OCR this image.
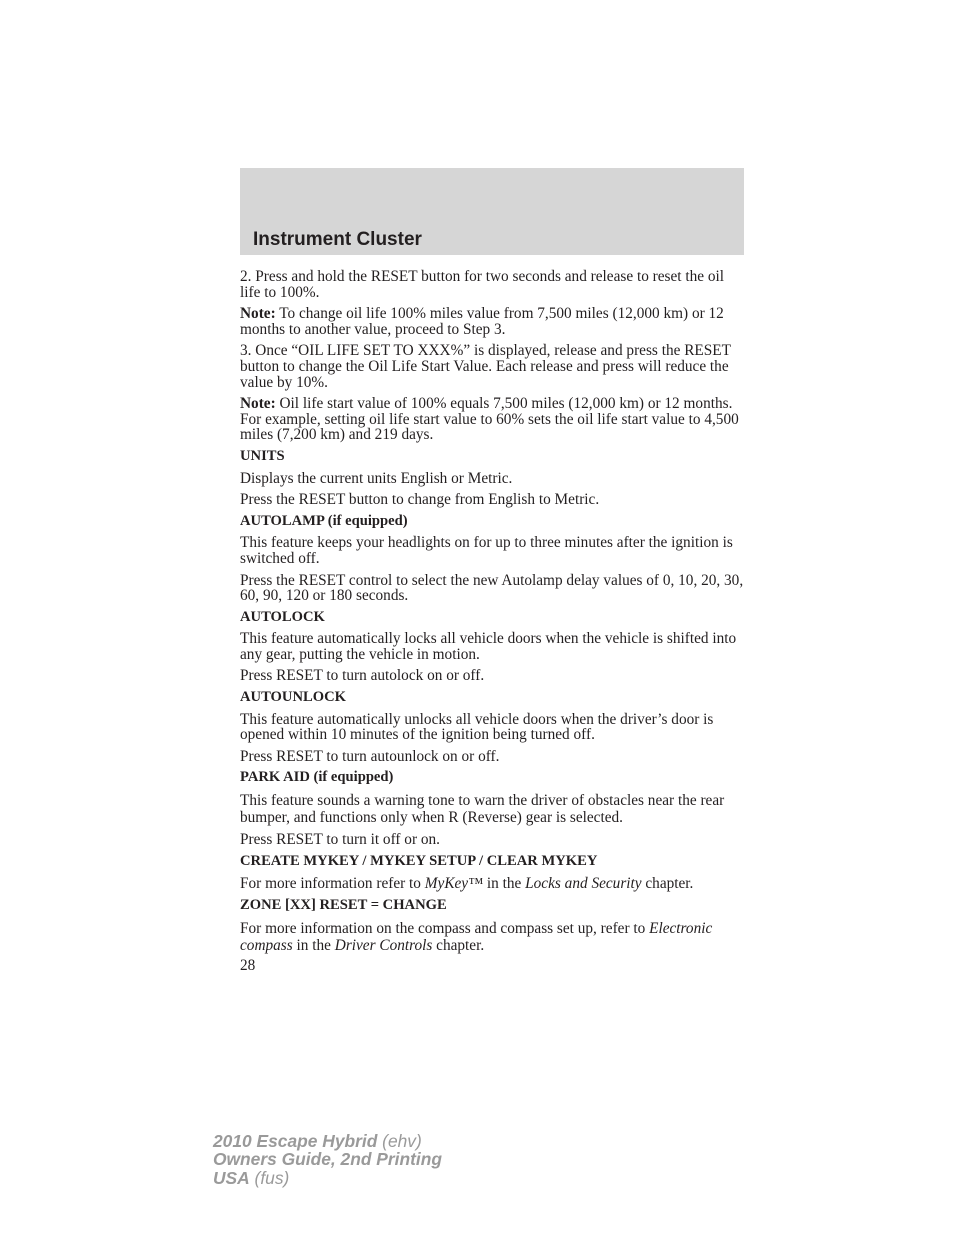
Instrument Cluster

2. Press and hold the RESET button for two seconds and release to reset the oil life to 100%.

Note: To change oil life 100% miles value from 7,500 miles (12,000 km) or 12 months to another value, proceed to Step 3.

3. Once “OIL LIFE SET TO XXX%” is displayed, release and press the RESET button to change the Oil Life Start Value. Each release and press will reduce the value by 10%.

Note: Oil life start value of 100% equals 7,500 miles (12,000 km) or 12 months. For example, setting oil life start value to 60% sets the oil life start value to 4,500 miles (7,200 km) and 219 days.

UNITS

Displays the current units English or Metric.

Press the RESET button to change from English to Metric.

AUTOLAMP (if equipped)

This feature keeps your headlights on for up to three minutes after the ignition is switched off.

Press the RESET control to select the new Autolamp delay values of 0, 10, 20, 30, 60, 90, 120 or 180 seconds.

AUTOLOCK

This feature automatically locks all vehicle doors when the vehicle is shifted into any gear, putting the vehicle in motion.

Press RESET to turn autolock on or off.

AUTOUNLOCK

This feature automatically unlocks all vehicle doors when the driver’s door is opened within 10 minutes of the ignition being turned off.

Press RESET to turn autounlock on or off.

PARK AID (if equipped)

This feature sounds a warning tone to warn the driver of obstacles near the rear bumper, and functions only when R (Reverse) gear is selected.

Press RESET to turn it off or on.

CREATE MYKEY / MYKEY SETUP / CLEAR MYKEY

For more information refer to MyKey™ in the Locks and Security chapter.

ZONE [XX] RESET = CHANGE

For more information on the compass and compass set up, refer to Electronic compass in the Driver Controls chapter.

28
2010 Escape Hybrid (ehv)
Owners Guide, 2nd Printing
USA (fus)
